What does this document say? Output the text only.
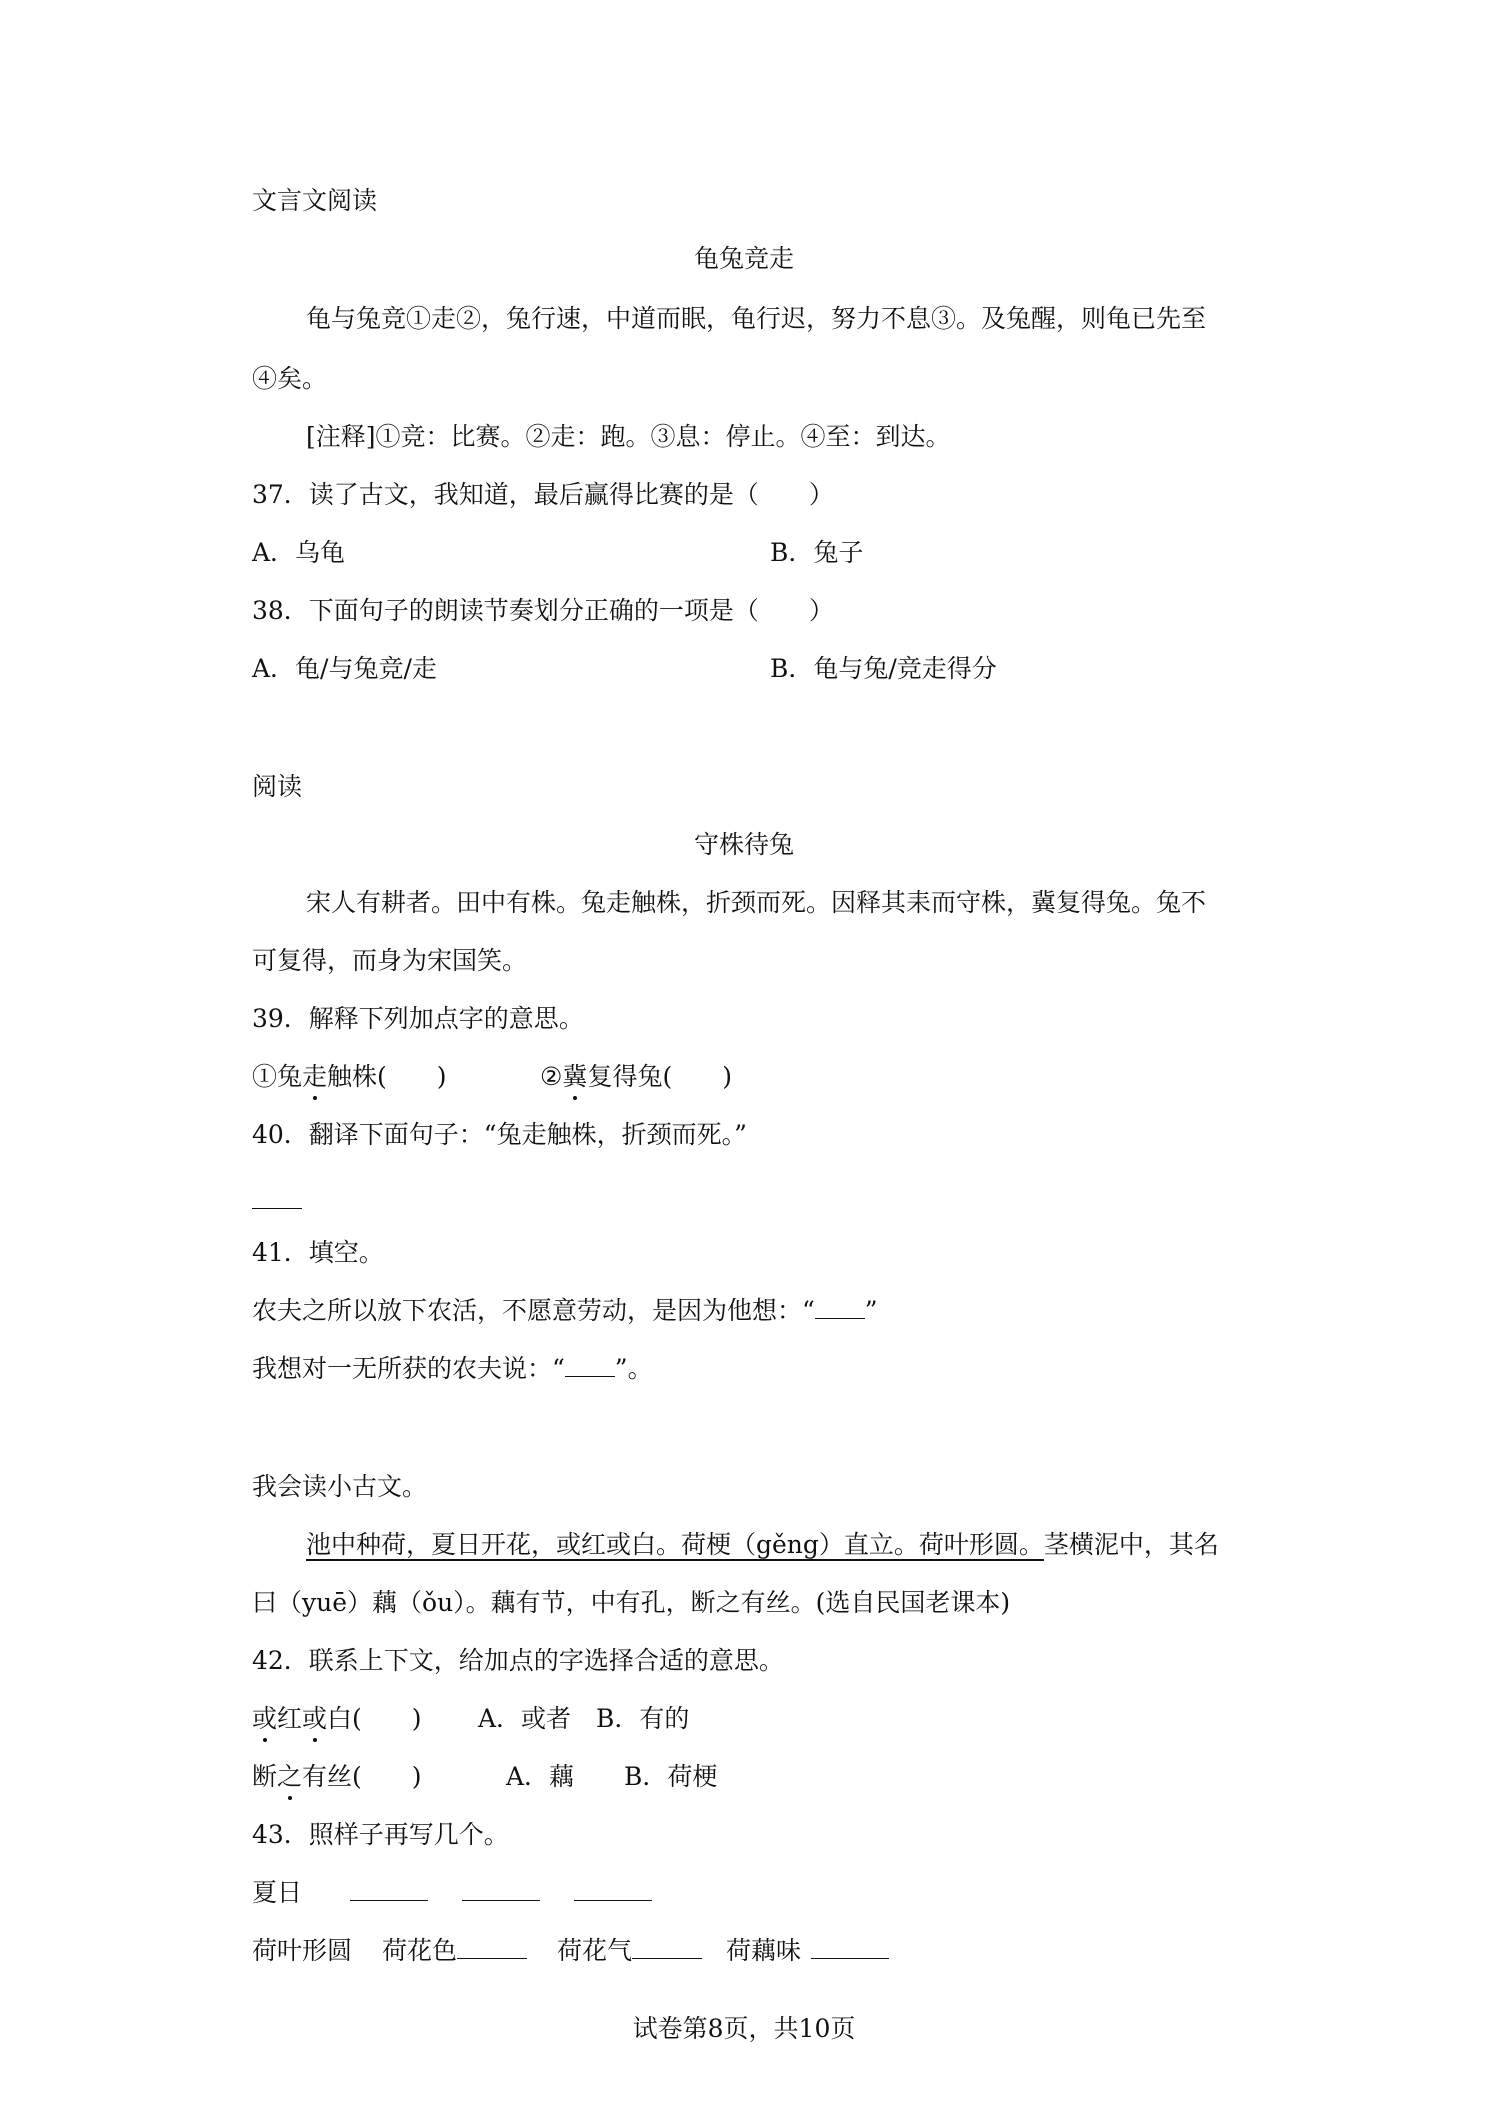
文言文阅读
龟兔竞走
龟与兔竞①走②，兔行速，中道而眠，龟行迟，努力不息③。及兔醒，则龟已先至
④矣。
[注释]①竞：比赛。②走：跑。③息：停止。④至：到达。
37．读了古文，我知道，最后赢得比赛的是（　　）
A．乌龟	B．兔子
38．下面句子的朗读节奏划分正确的一项是（　　）
A．龟/与兔竞/走	B．龟与兔/竞走得分
阅读
守株待兔
宋人有耕者。田中有株。兔走触株，折颈而死。因释其耒而守株，冀复得兔。兔不
可复得，而身为宋国笑。
39．解释下列加点字的意思。
①兔走触株(　　)	②冀复得兔(　　)
40．翻译下面句子：“兔走触株，折颈而死。”
41．填空。
农夫之所以放下农活，不愿意劳动，是因为他想：“ ”
我想对一无所获的农夫说：“ ”。
我会读小古文。
池中种荷，夏日开花，或红或白。荷梗（gěng）直立。荷叶形圆。茎横泥中，其名
曰（yuē）藕（ǒu）。藕有节，中有孔，断之有丝。(选自民国老课本)
42．联系上下文，给加点的字选择合适的意思。
或红或白(　　) A．或者　B．有的
断之有丝(　　)	A．藕　　B．荷梗
43．照样子再写几个。
夏日
荷叶形圆 荷花色	荷花气	荷藕味
试卷第8页，共10页
